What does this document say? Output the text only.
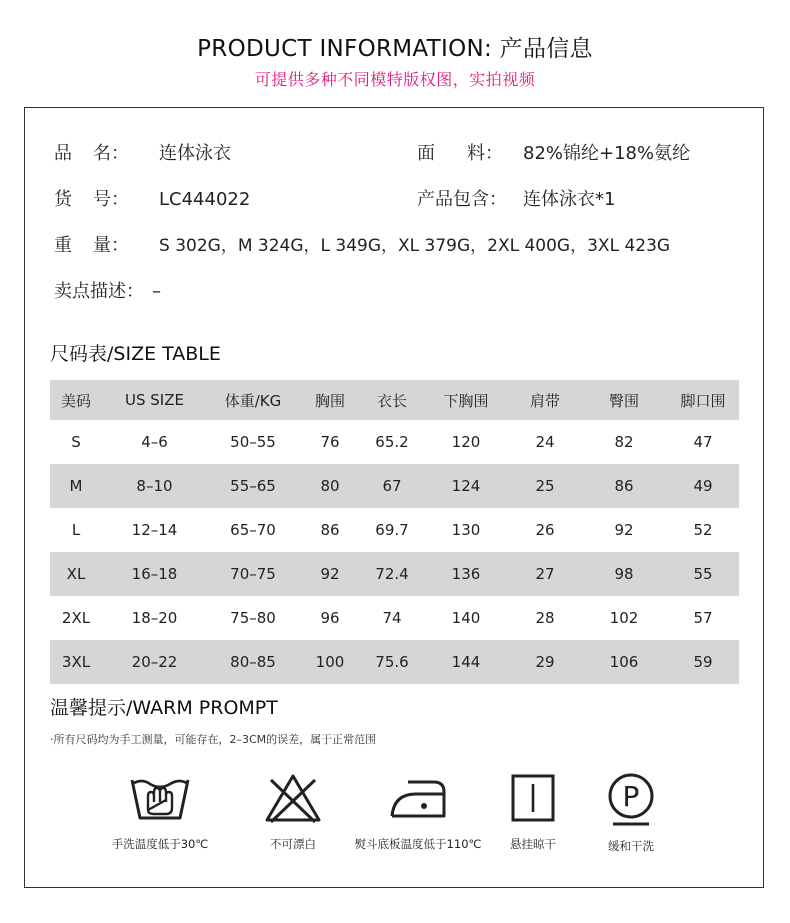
PRODUCT INFORMATION: 产品信息
可提供多种不同模特版权图，实拍视频
品 名： 连体泳衣	面 料： 82%锦纶+18%氨纶
货 号： LC444022	产品包含： 连体泳衣*1
重 量： S 302G，M 324G，L 349G，XL 379G，2XL 400G，3XL 423G
卖点描述： –
尺码表/SIZE TABLE
美码	US SIZE	体重/KG	胸围	衣长	下胸围	肩带	臀围	脚口围
S	4–6	50–55	76	65.2	120	24	82	47
M	8–10	55–65	80	67	124	25	86	49
L	12–14	65–70	86	69.7	130	26	92	52
XL	16–18	70–75	92	72.4	136	27	98	55
2XL	18–20	75–80	96	74	140	28	102	57
3XL	20–22	80–85	100	75.6	144	29	106	59
温馨提示/WARM PROMPT
·所有尺码均为手工测量，可能存在，2–3CM的误差，属于正常范围
手洗温度低于30℃	不可漂白	熨斗底板温度低于110℃	悬挂晾干
P
缓和干洗
